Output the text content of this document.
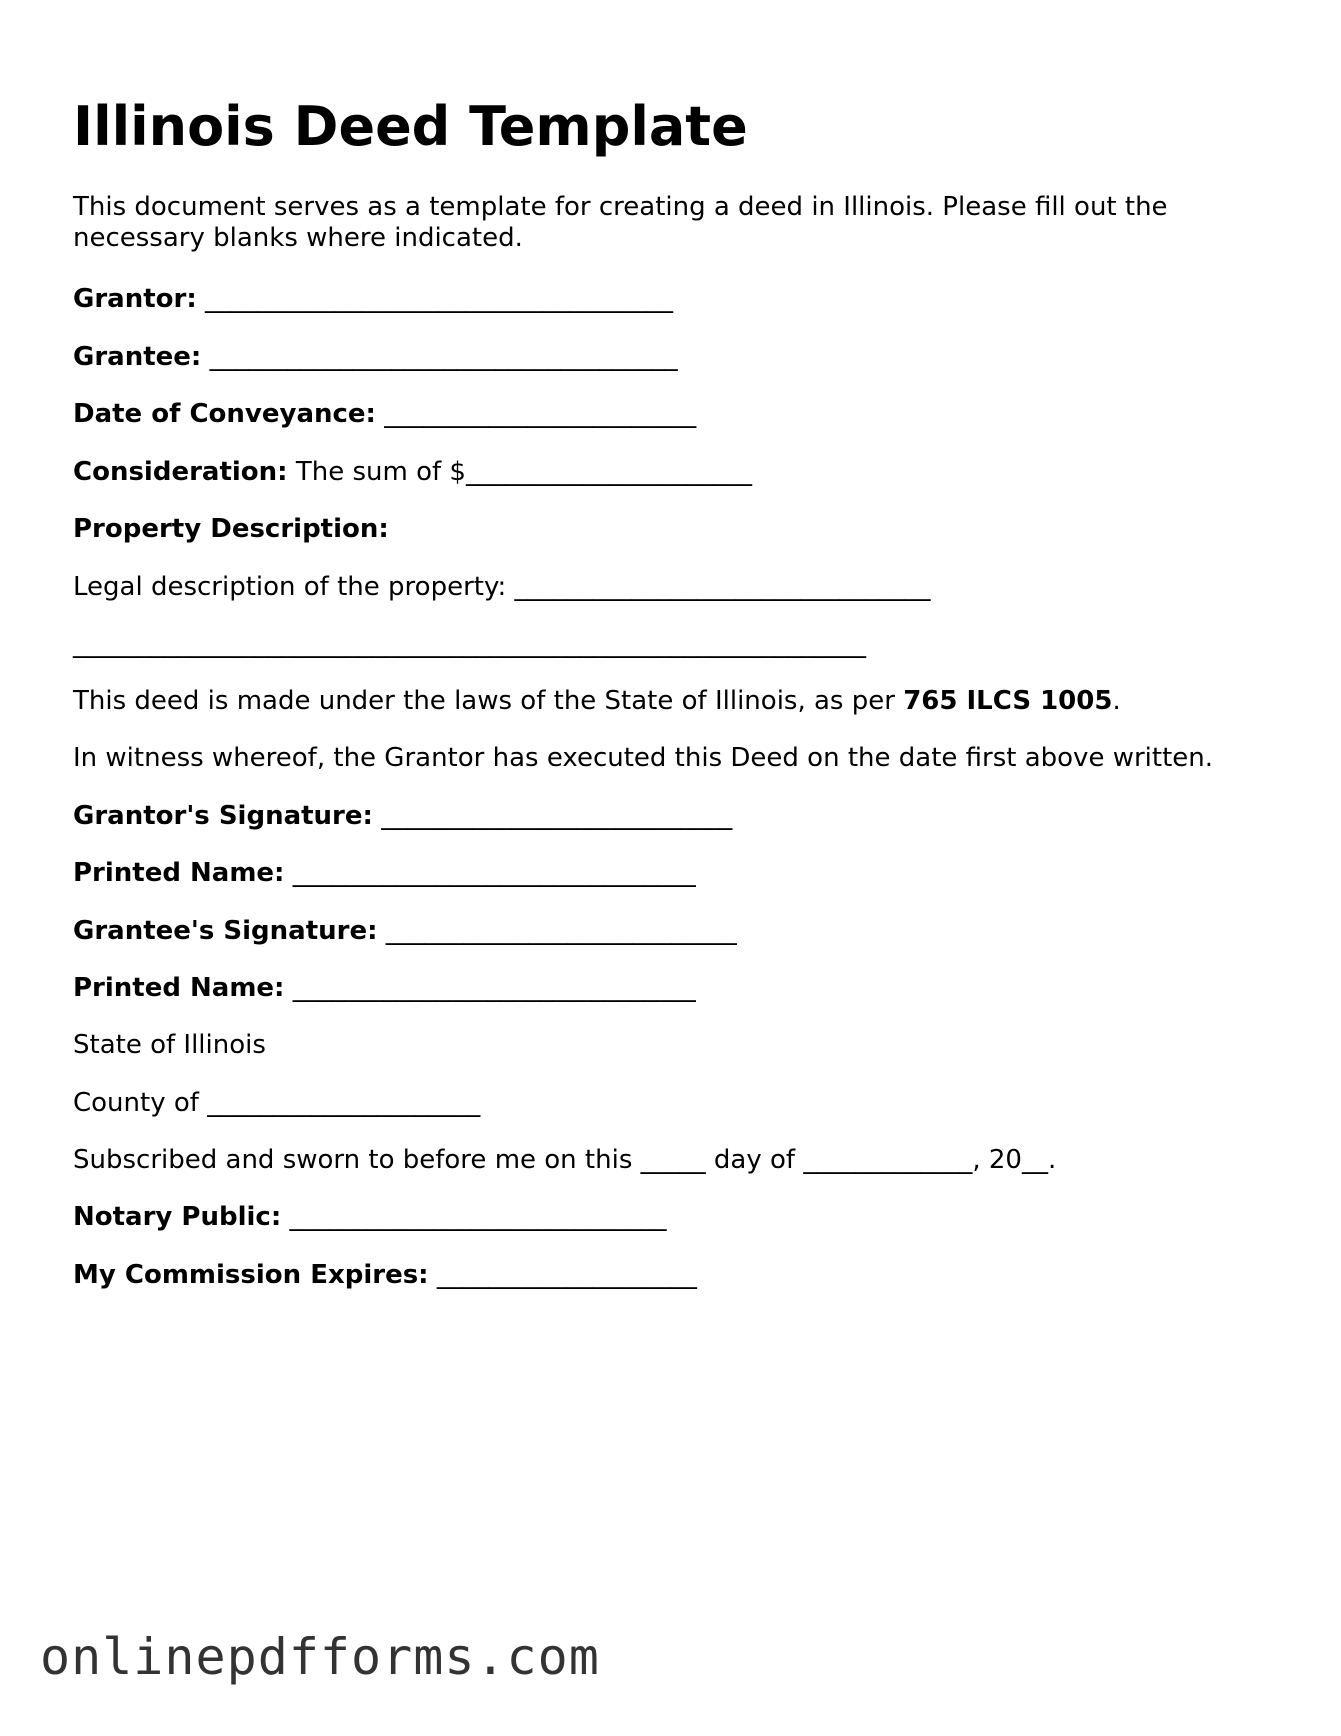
Illinois Deed Template

This document serves as a template for creating a deed in Illinois. Please fill out the necessary blanks where indicated.

Grantor: ____________________________________

Grantee: ____________________________________

Date of Conveyance: ________________________

Consideration: The sum of $______________________

Property Description:

Legal description of the property: ________________________________

_____________________________________________________________

This deed is made under the laws of the State of Illinois, as per 765 ILCS 1005.

In witness whereof, the Grantor has executed this Deed on the date first above written.

Grantor's Signature: ___________________________

Printed Name: _______________________________

Grantee's Signature: ___________________________

Printed Name: _______________________________

State of Illinois

County of _____________________

Subscribed and sworn to before me on this _____ day of _____________, 20__.

Notary Public: _____________________________

My Commission Expires: ____________________

onlinepdfforms.com
